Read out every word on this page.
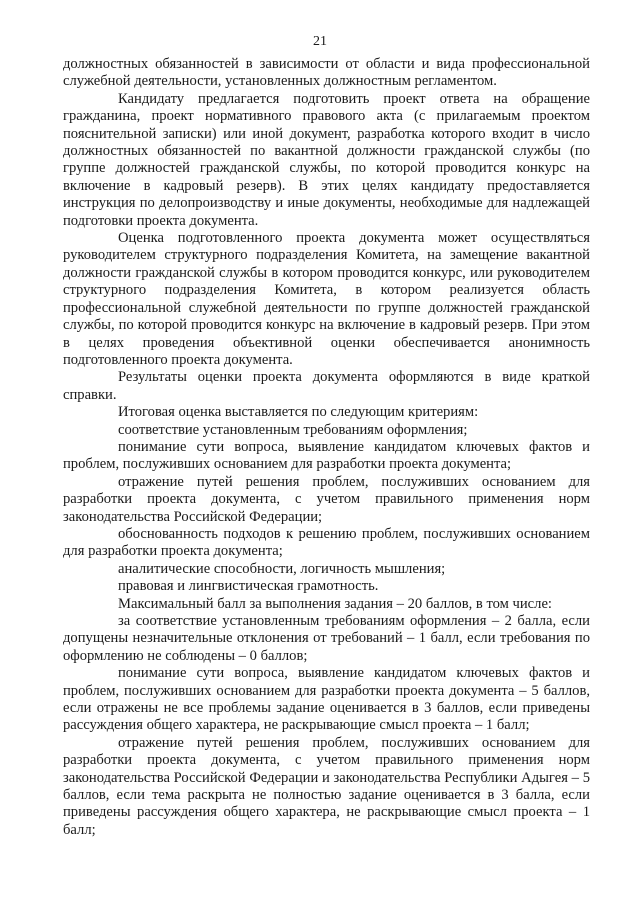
21

должностных обязанностей в зависимости от области и вида профессиональной служебной деятельности, установленных должностным регламентом.

Кандидату предлагается подготовить проект ответа на обращение гражданина, проект нормативного правового акта (с прилагаемым проектом пояснительной записки) или иной документ, разработка которого входит в число должностных обязанностей по вакантной должности гражданской службы (по группе должностей гражданской службы, по которой проводится конкурс на включение в кадровый резерв). В этих целях кандидату предоставляется инструкция по делопроизводству и иные документы, необходимые для надлежащей подготовки проекта документа.

Оценка подготовленного проекта документа может осуществляться руководителем структурного подразделения Комитета, на замещение вакантной должности гражданской службы в котором проводится конкурс, или руководителем структурного подразделения Комитета, в котором реализуется область профессиональной служебной деятельности по группе должностей гражданской службы, по которой проводится конкурс на включение в кадровый резерв. При этом в целях проведения объективной оценки обеспечивается анонимность подготовленного проекта документа.

Результаты оценки проекта документа оформляются в виде краткой справки.

Итоговая оценка выставляется по следующим критериям:

соответствие установленным требованиям оформления;

понимание сути вопроса, выявление кандидатом ключевых фактов и проблем, послуживших основанием для разработки проекта документа;

отражение путей решения проблем, послуживших основанием для разработки проекта документа, с учетом правильного применения норм законодательства Российской Федерации;

обоснованность подходов к решению проблем, послуживших основанием для разработки проекта документа;

аналитические способности, логичность мышления;

правовая и лингвистическая грамотность.

Максимальный балл за выполнения задания – 20 баллов, в том числе:

за соответствие установленным требованиям оформления – 2 балла, если допущены незначительные отклонения от требований – 1 балл, если требования по оформлению не соблюдены – 0 баллов;

понимание сути вопроса, выявление кандидатом ключевых фактов и проблем, послуживших основанием для разработки проекта документа – 5 баллов, если отражены не все проблемы задание оценивается в 3 баллов, если приведены рассуждения общего характера, не раскрывающие смысл проекта – 1 балл;

отражение путей решения проблем, послуживших основанием для разработки проекта документа, с учетом правильного применения норм законодательства Российской Федерации и законодательства Республики Адыгея – 5 баллов, если тема раскрыта не полностью задание оценивается в 3 балла, если приведены рассуждения общего характера, не раскрывающие смысл проекта – 1 балл;
